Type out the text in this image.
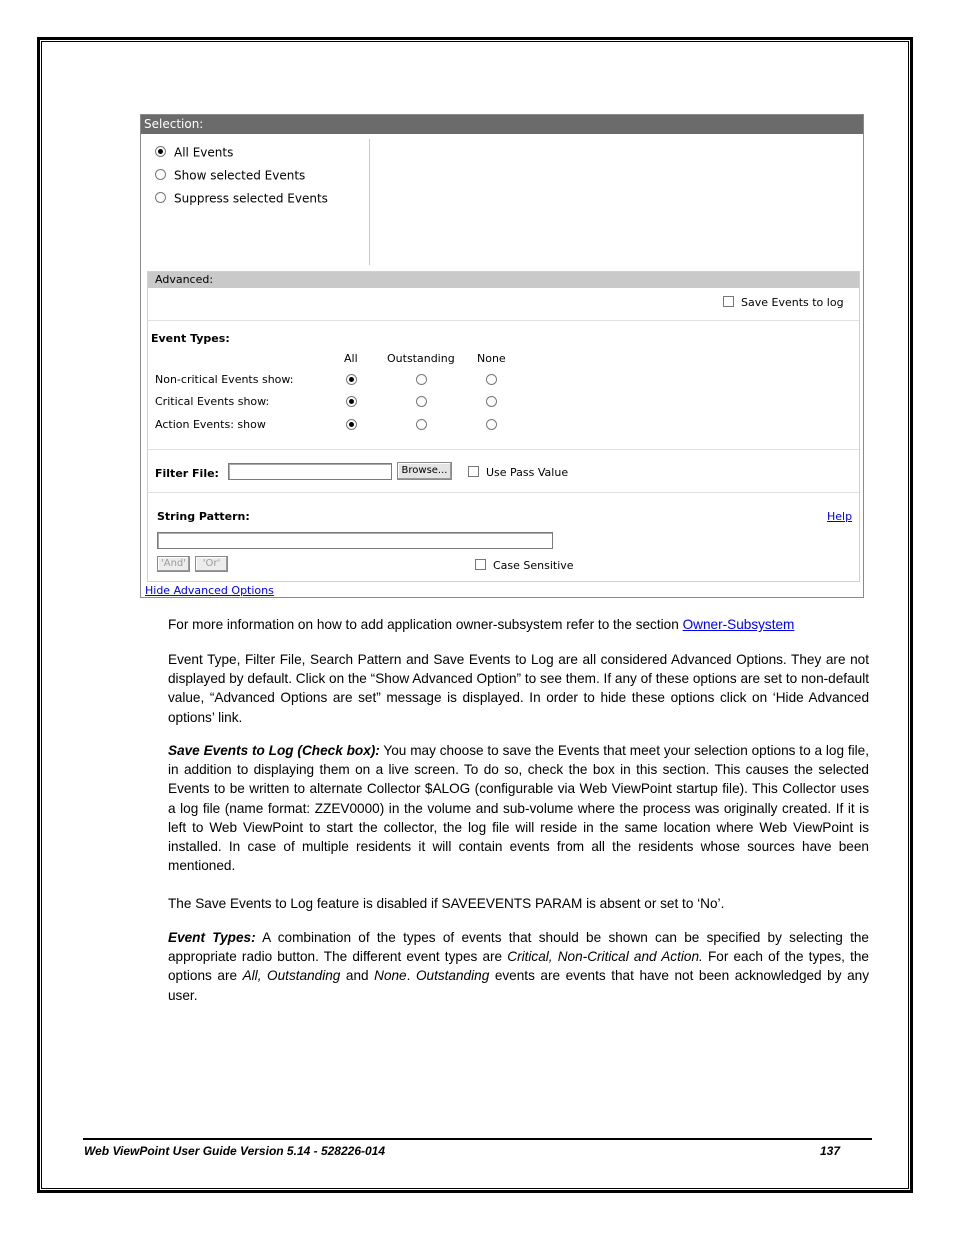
Selection:
All Events
Show selected Events
Suppress selected Events
Advanced:
Save Events to log
Event Types:
All	Outstanding None
Non-critical Events show:
Critical Events show:
Action Events: show
Filter File:	Browse...	Use Pass Value
String Pattern:	Help
'And'	'Or'	Case Sensitive
Hide Advanced Options

For more information on how to add application owner-subsystem refer to the section Owner-Subsystem

Event Type, Filter File, Search Pattern and Save Events to Log are all considered Advanced Options. They are not displayed by default. Click on the “Show Advanced Option” to see them. If any of these options are set to non-default value, “Advanced Options are set” message is displayed. In order to hide these options click on ‘Hide Advanced options’ link.

Save Events to Log (Check box): You may choose to save the Events that meet your selection options to a log file, in addition to displaying them on a live screen. To do so, check the box in this section. This causes the selected Events to be written to alternate Collector $ALOG (configurable via Web ViewPoint startup file). This Collector uses a log file (name format: ZZEV0000) in the volume and sub-volume where the process was originally created. If it is left to Web ViewPoint to start the collector, the log file will reside in the same location where Web ViewPoint is installed. In case of multiple residents it will contain events from all the residents whose sources have been mentioned.

The Save Events to Log feature is disabled if SAVEEVENTS PARAM is absent or set to ‘No’.

Event Types: A combination of the types of events that should be shown can be specified by selecting the appropriate radio button. The different event types are Critical, Non-Critical and Action. For each of the types, the options are All, Outstanding and None. Outstanding events are events that have not been acknowledged by any user.

Web ViewPoint User Guide Version 5.14 - 528226-014	137
